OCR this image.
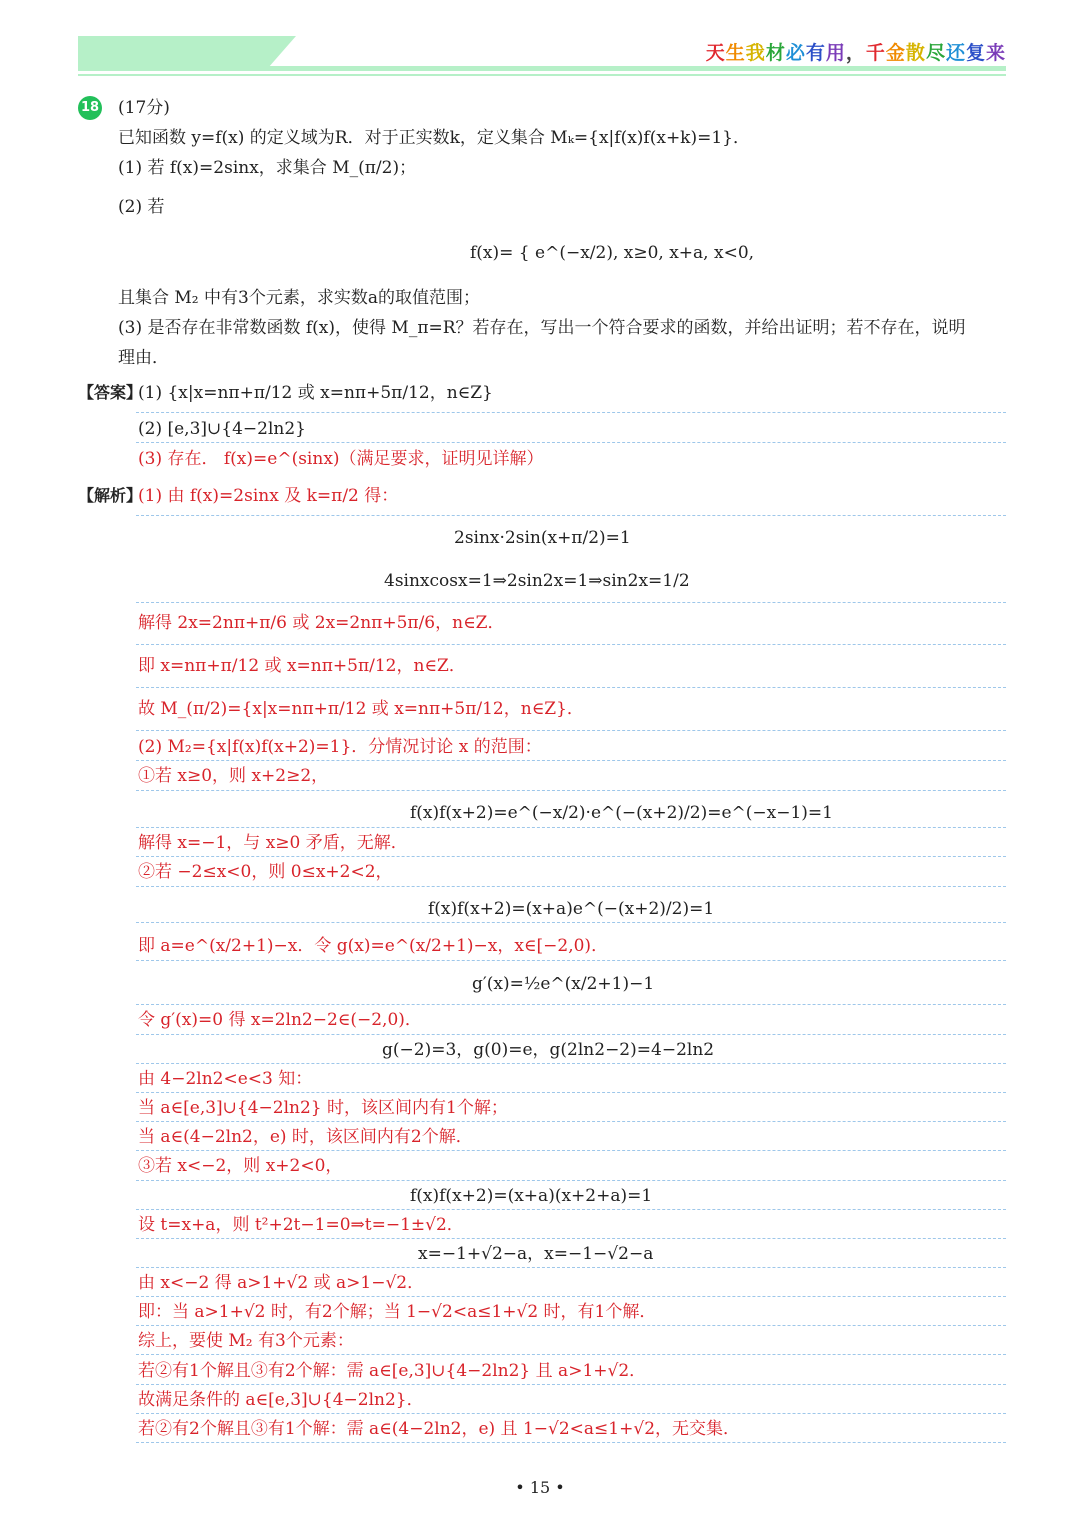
天生我材必有用，千金散尽还复来
18 (17分)
已知函数 y=f(x) 的定义域为R．对于正实数k，定义集合 Mₖ={x|f(x)f(x+k)=1}．
(1) 若 f(x)=2sinx，求集合 M_(π/2)；
(2) 若
f(x)= { e^(−x/2), x≥0, x+a, x<0,
且集合 M₂ 中有3个元素，求实数a的取值范围；
(3) 是否存在非常数函数 f(x)，使得 M_π=R？若存在，写出一个符合要求的函数，并给出证明；若不存在，说明
理由．
【答案】
(1) {x|x=nπ+π/12 或 x=nπ+5π/12，n∈Z}
(2) [e,3]∪{4−2ln2}
(3) 存在． f(x)=e^(sinx)（满足要求，证明见详解）
【解析】
(1) 由 f(x)=2sinx 及 k=π/2 得：
2sinx·2sin(x+π/2)=1
4sinxcosx=1⇒2sin2x=1⇒sin2x=1/2
解得 2x=2nπ+π/6 或 2x=2nπ+5π/6，n∈Z．
即 x=nπ+π/12 或 x=nπ+5π/12，n∈Z．
故 M_(π/2)={x|x=nπ+π/12 或 x=nπ+5π/12，n∈Z}．
(2) M₂={x|f(x)f(x+2)=1}．分情况讨论 x 的范围：
①若 x≥0，则 x+2≥2，
f(x)f(x+2)=e^(−x/2)·e^(−(x+2)/2)=e^(−x−1)=1
解得 x=−1，与 x≥0 矛盾，无解．
②若 −2≤x<0，则 0≤x+2<2，
f(x)f(x+2)=(x+a)e^(−(x+2)/2)=1
即 a=e^(x/2+1)−x．令 g(x)=e^(x/2+1)−x，x∈[−2,0)．
g′(x)=½e^(x/2+1)−1
令 g′(x)=0 得 x=2ln2−2∈(−2,0)．
g(−2)=3，g(0)=e，g(2ln2−2)=4−2ln2
由 4−2ln2<e<3 知：
当 a∈[e,3]∪{4−2ln2} 时，该区间内有1个解；
当 a∈(4−2ln2，e) 时，该区间内有2个解．
③若 x<−2，则 x+2<0，
f(x)f(x+2)=(x+a)(x+2+a)=1
设 t=x+a，则 t²+2t−1=0⇒t=−1±√2．
x=−1+√2−a，x=−1−√2−a
由 x<−2 得 a>1+√2 或 a>1−√2．
即：当 a>1+√2 时，有2个解；当 1−√2<a≤1+√2 时，有1个解．
综上，要使 M₂ 有3个元素：
若②有1个解且③有2个解：需 a∈[e,3]∪{4−2ln2} 且 a>1+√2．
故满足条件的 a∈[e,3]∪{4−2ln2}．
若②有2个解且③有1个解：需 a∈(4−2ln2，e) 且 1−√2<a≤1+√2，无交集．
• 15 •
